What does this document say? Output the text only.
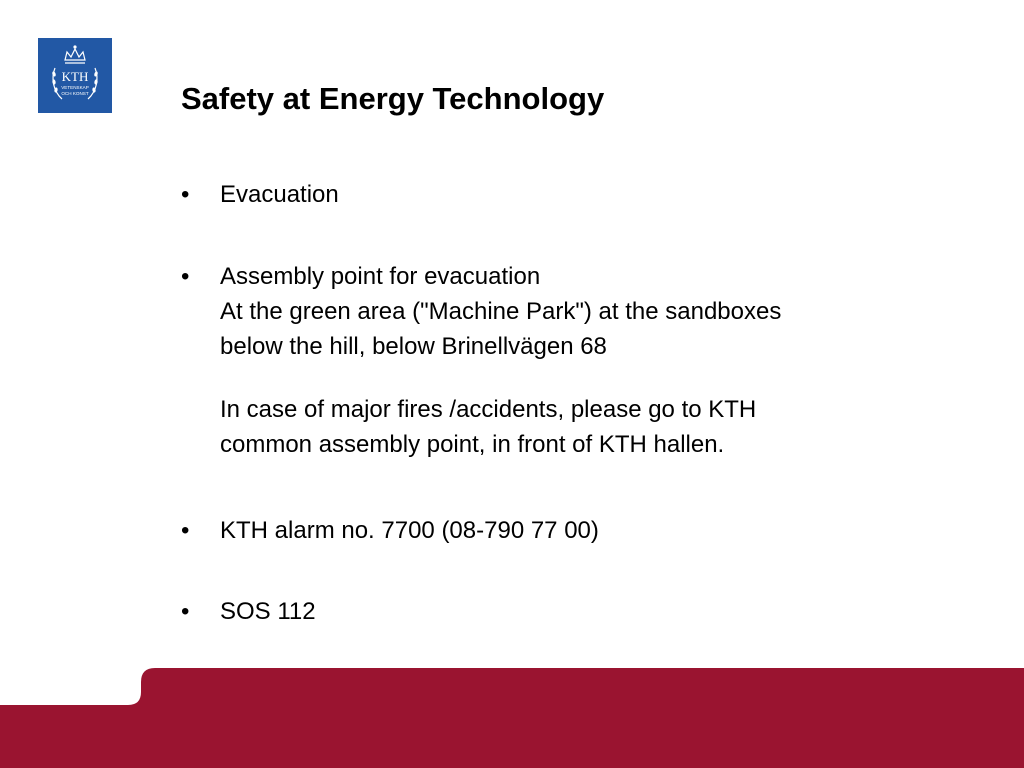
KTH
VETENSKAP
OCH KONST	Safety at Energy Technology
•	Evacuation
•	Assembly point for evacuation
At the green area ("Machine Park") at the sandboxes
below the hill, below Brinellvägen 68
In case of major fires /accidents, please go to KTH
common assembly point, in front of KTH hallen.
•	KTH alarm no. 7700 (08-790 77 00)
•	SOS 112
